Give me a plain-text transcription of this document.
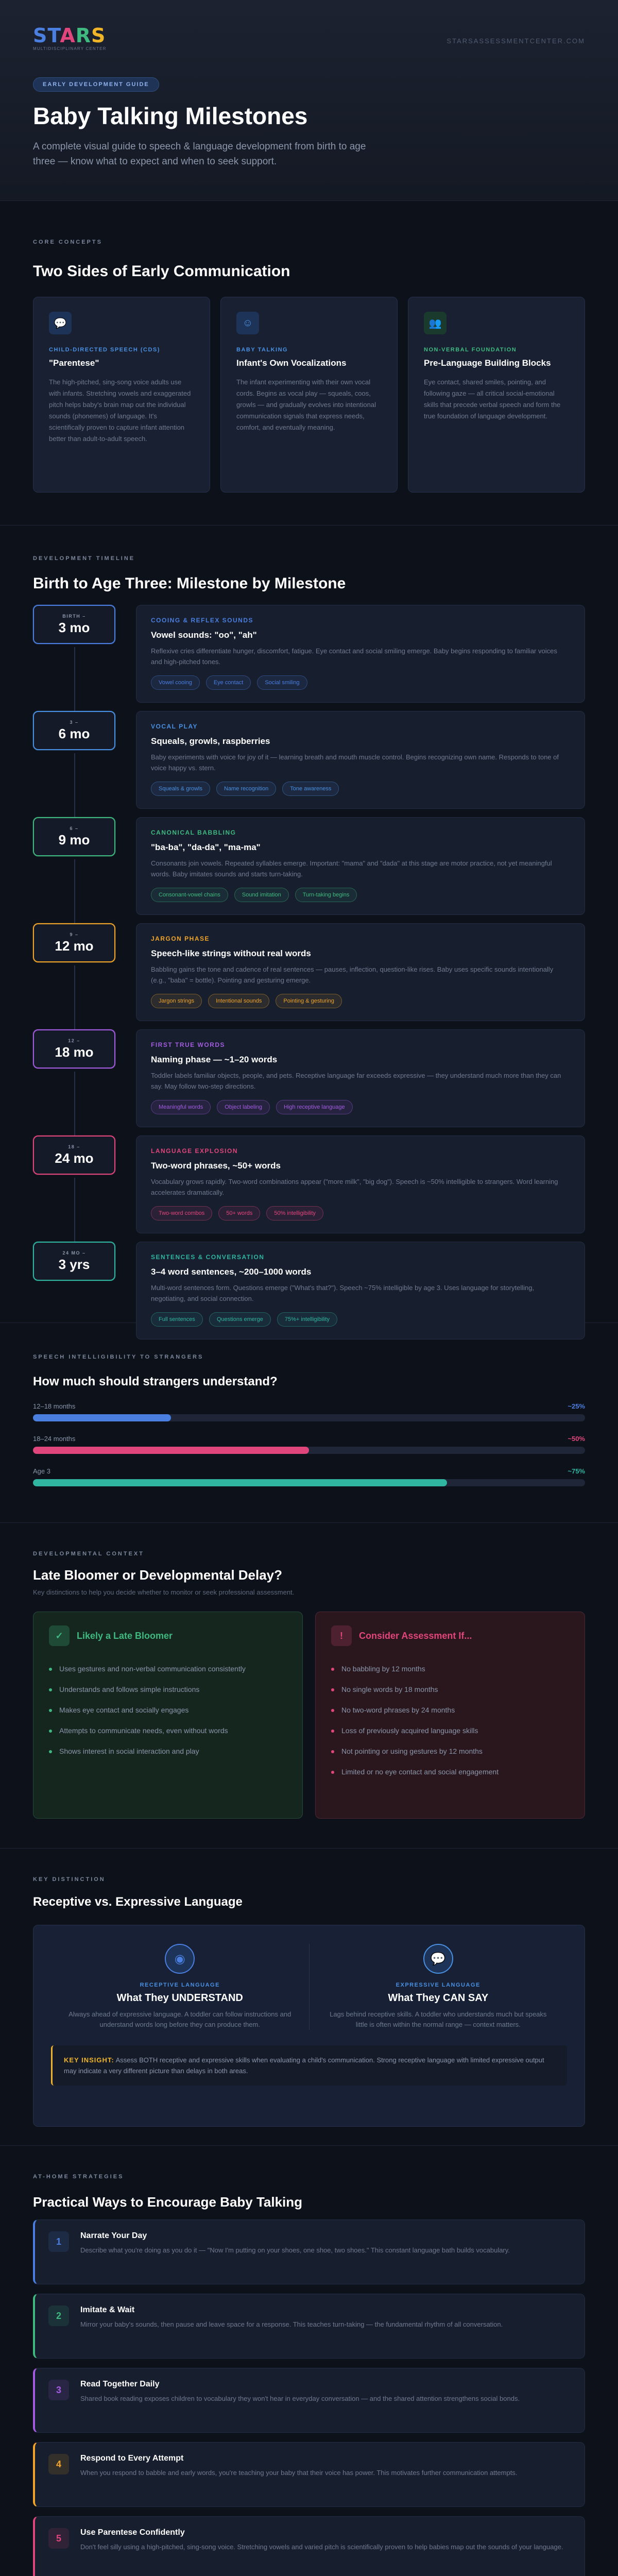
STARS
MULTIDISCIPLINARY CENTER
STARSASSESSMENTCENTER.COM
EARLY DEVELOPMENT GUIDE
Baby Talking Milestones

A complete visual guide to speech & language development from birth to age three — know what to expect and when to seek support.

CORE CONCEPTS
Two Sides of Early Communication
💬
CHILD-DIRECTED SPEECH (CDS)
"Parentese"
The high-pitched, sing-song voice adults use with infants. Stretching vowels and exaggerated pitch helps baby's brain map out the individual sounds (phonemes) of language. It's scientifically proven to capture infant attention better than adult-to-adult speech.
☺
BABY TALKING
Infant's Own Vocalizations
The infant experimenting with their own vocal cords. Begins as vocal play — squeals, coos, growls — and gradually evolves into intentional communication signals that express needs, comfort, and eventually meaning.
👥
NON-VERBAL FOUNDATION
Pre-Language Building Blocks
Eye contact, shared smiles, pointing, and following gaze — all critical social-emotional skills that precede verbal speech and form the true foundation of language development.
DEVELOPMENT TIMELINE
Birth to Age Three: Milestone by Milestone
BIRTH –
3 mo	COOING & REFLEX SOUNDS
Vowel sounds: "oo", "ah"
Reflexive cries differentiate hunger, discomfort, fatigue. Eye contact and social smiling emerge. Baby begins responding to familiar voices and high-pitched tones.
Vowel cooing	Eye contact	Social smiling
3 –
6 mo	VOCAL PLAY
Squeals, growls, raspberries
Baby experiments with voice for joy of it — learning breath and mouth muscle control. Begins recognizing own name. Responds to tone of voice happy vs. stern.
Squeals & growls	Name recognition	Tone awareness
6 –
9 mo	CANONICAL BABBLING
"ba-ba", "da-da", "ma-ma"
Consonants join vowels. Repeated syllables emerge. Important: "mama" and "dada" at this stage are motor practice, not yet meaningful words. Baby imitates sounds and starts turn-taking.
Consonant-vowel chains	Sound imitation	Turn-taking begins
9 –
12 mo	JARGON PHASE
Speech-like strings without real words
Babbling gains the tone and cadence of real sentences — pauses, inflection, question-like rises. Baby uses specific sounds intentionally (e.g., "baba" = bottle). Pointing and gesturing emerge.
Jargon strings	Intentional sounds	Pointing & gesturing
12 –
18 mo	FIRST TRUE WORDS
Naming phase — ~1–20 words
Toddler labels familiar objects, people, and pets. Receptive language far exceeds expressive — they understand much more than they can say. May follow two-step directions.
Meaningful words	Object labeling	High receptive language
18 –
24 mo	LANGUAGE EXPLOSION
Two-word phrases, ~50+ words
Vocabulary grows rapidly. Two-word combinations appear ("more milk", "big dog"). Speech is ~50% intelligible to strangers. Word learning accelerates dramatically.
Two-word combos	50+ words	50% intelligibility
24 MO –
3 yrs	SENTENCES & CONVERSATION
3–4 word sentences, ~200–1000 words
Multi-word sentences form. Questions emerge ("What's that?"). Speech ~75% intelligible by age 3. Uses language for storytelling, negotiating, and social connection.
Full sentences	Questions emerge	75%+ intelligibility
SPEECH INTELLIGIBILITY TO STRANGERS
How much should strangers understand?
12–18 months	~25%
18–24 months	~50%
Age 3	~75%
DEVELOPMENTAL CONTEXT
Late Bloomer or Developmental Delay?
Key distinctions to help you decide whether to monitor or seek professional assessment.
✓	Likely a Late Bloomer
Uses gestures and non-verbal communication consistently
Understands and follows simple instructions
Makes eye contact and socially engages
Attempts to communicate needs, even without words
Shows interest in social interaction and play
!	Consider Assessment If...
No babbling by 12 months
No single words by 18 months
No two-word phrases by 24 months
Loss of previously acquired language skills
Not pointing or using gestures by 12 months
Limited or no eye contact and social engagement
KEY DISTINCTION
Receptive vs. Expressive Language
◉
RECEPTIVE LANGUAGE
What They UNDERSTAND
Always ahead of expressive language. A toddler can follow instructions and understand words long before they can produce them.
💬
EXPRESSIVE LANGUAGE
What They CAN SAY
Lags behind receptive skills. A toddler who understands much but speaks little is often within the normal range — context matters.
KEY INSIGHT: Assess BOTH receptive and expressive skills when evaluating a child's communication. Strong receptive language with limited expressive output may indicate a very different picture than delays in both areas.
AT-HOME STRATEGIES
Practical Ways to Encourage Baby Talking
1
Narrate Your Day
Describe what you're doing as you do it — "Now I'm putting on your shoes, one shoe, two shoes." This constant language bath builds vocabulary.
2
Imitate & Wait
Mirror your baby's sounds, then pause and leave space for a response. This teaches turn-taking — the fundamental rhythm of all conversation.
3
Read Together Daily
Shared book reading exposes children to vocabulary they won't hear in everyday conversation — and the shared attention strengthens social bonds.
4
Respond to Every Attempt
When you respond to babble and early words, you're teaching your baby that their voice has power. This motivates further communication attempts.
5
Use Parentese Confidently
Don't feel silly using a high-pitched, sing-song voice. Stretching vowels and varied pitch is scientifically proven to help babies map out the sounds of your language.
